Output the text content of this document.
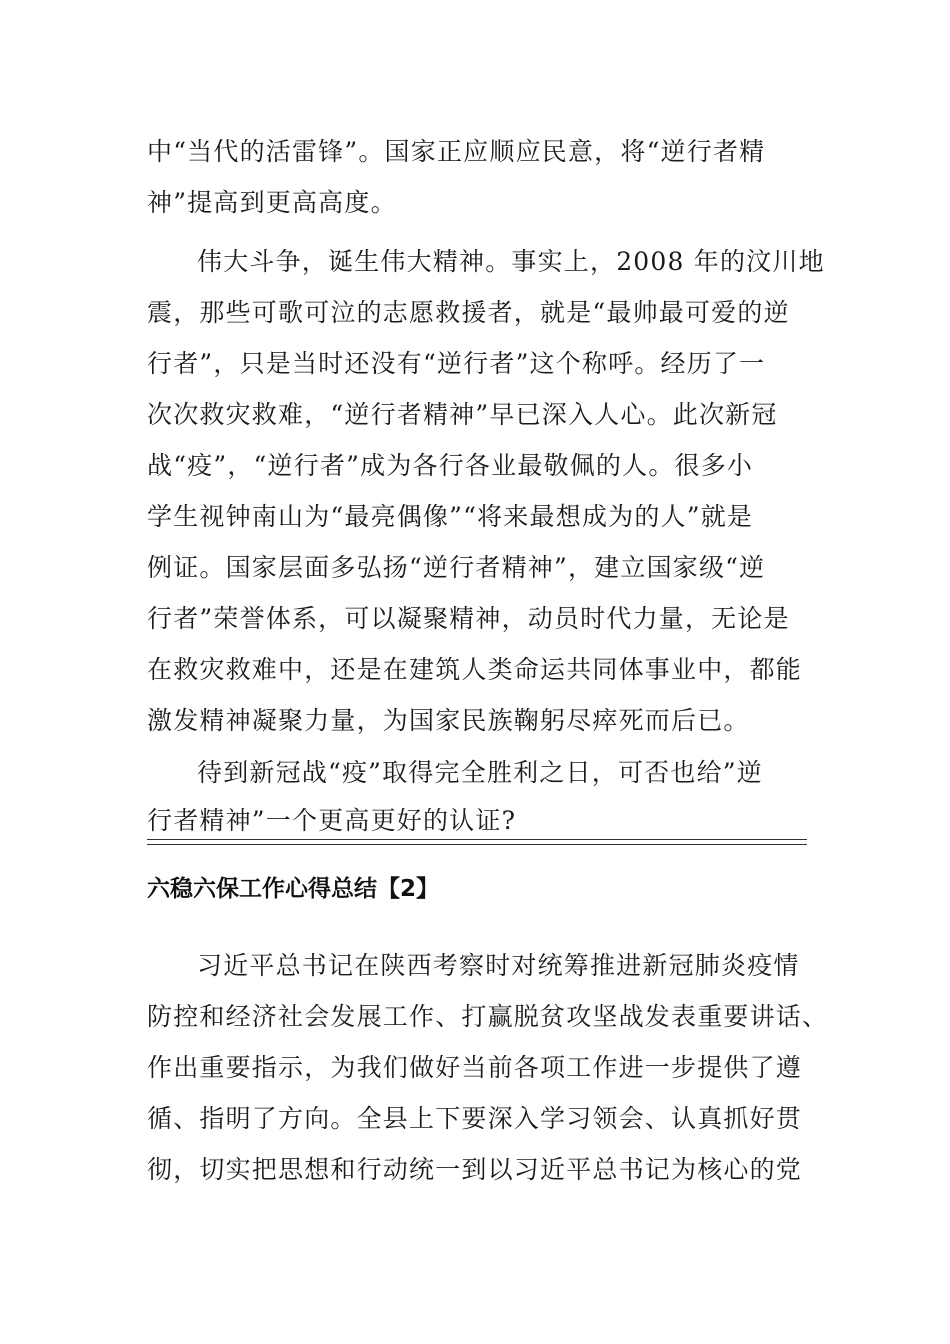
中“当代的活雷锋”。国家正应顺应民意，将“逆行者精
神”提高到更高高度。
伟大斗争，诞生伟大精神。事实上，2008 年的汶川地
震，那些可歌可泣的志愿救援者，就是“最帅最可爱的逆
行者”，只是当时还没有“逆行者”这个称呼。经历了一
次次救灾救难，“逆行者精神”早已深入人心。此次新冠
战“疫”，“逆行者”成为各行各业最敬佩的人。很多小
学生视钟南山为“最亮偶像”“将来最想成为的人”就是
例证。国家层面多弘扬“逆行者精神”，建立国家级“逆
行者”荣誉体系，可以凝聚精神，动员时代力量，无论是
在救灾救难中，还是在建筑人类命运共同体事业中，都能
激发精神凝聚力量，为国家民族鞠躬尽瘁死而后已。
待到新冠战“疫”取得完全胜利之日，可否也给”逆
行者精神”一个更高更好的认证?
六稳六保工作心得总结【2】
习近平总书记在陕西考察时对统筹推进新冠肺炎疫情
防控和经济社会发展工作、打赢脱贫攻坚战发表重要讲话、
作出重要指示，为我们做好当前各项工作进一步提供了遵
循、指明了方向。全县上下要深入学习领会、认真抓好贯
彻，切实把思想和行动统一到以习近平总书记为核心的党
